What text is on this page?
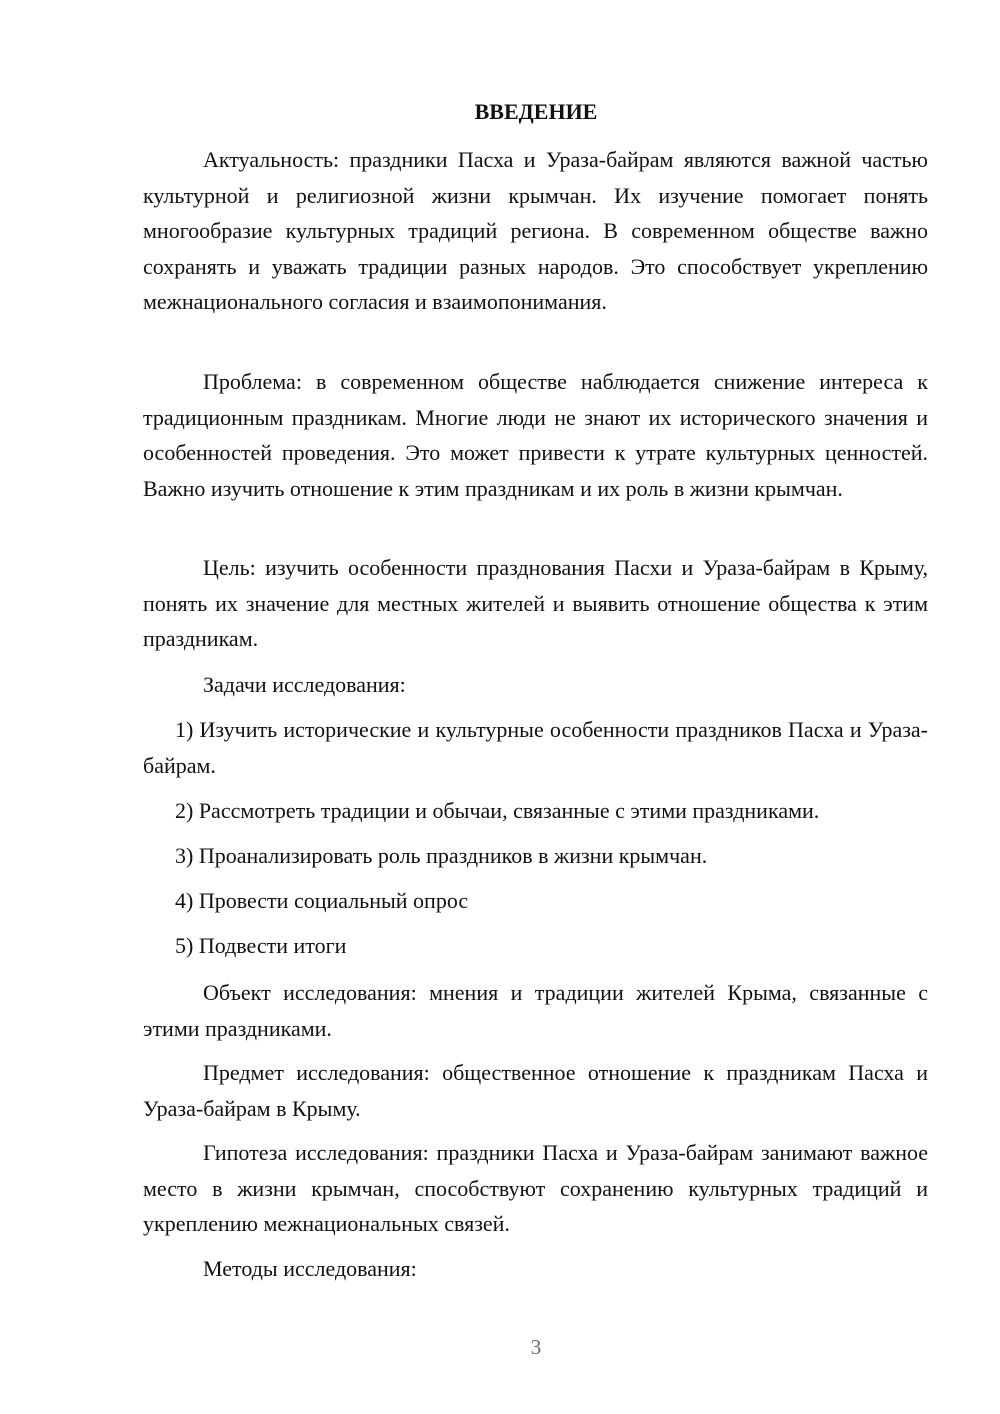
ВВЕДЕНИЕ

Актуальность: праздники Пасха и Ураза-байрам являются важной частью культурной и религиозной жизни крымчан. Их изучение помогает понять многообразие культурных традиций региона. В современном обществе важно сохранять и уважать традиции разных народов. Это способствует укреплению межнационального согласия и взаимопонимания.

Проблема: в современном обществе наблюдается снижение интереса к традиционным праздникам. Многие люди не знают их исторического значения и особенностей проведения. Это может привести к утрате культурных ценностей. Важно изучить отношение к этим праздникам и их роль в жизни крымчан.

Цель: изучить особенности празднования Пасхи и Ураза-байрам в Крыму, понять их значение для местных жителей и выявить отношение общества к этим праздникам.

Задачи исследования:

1) Изучить исторические и культурные особенности праздников Пасха и Ураза-байрам.

2) Рассмотреть традиции и обычаи, связанные с этими праздниками.

3) Проанализировать роль праздников в жизни крымчан.

4) Провести социальный опрос

5) Подвести итоги

Объект исследования: мнения и традиции жителей Крыма, связанные с этими праздниками.

Предмет исследования: общественное отношение к праздникам Пасха и Ураза-байрам в Крыму.

Гипотеза исследования: праздники Пасха и Ураза-байрам занимают важное место в жизни крымчан, способствуют сохранению культурных традиций и укреплению межнациональных связей.

Методы исследования:

3
